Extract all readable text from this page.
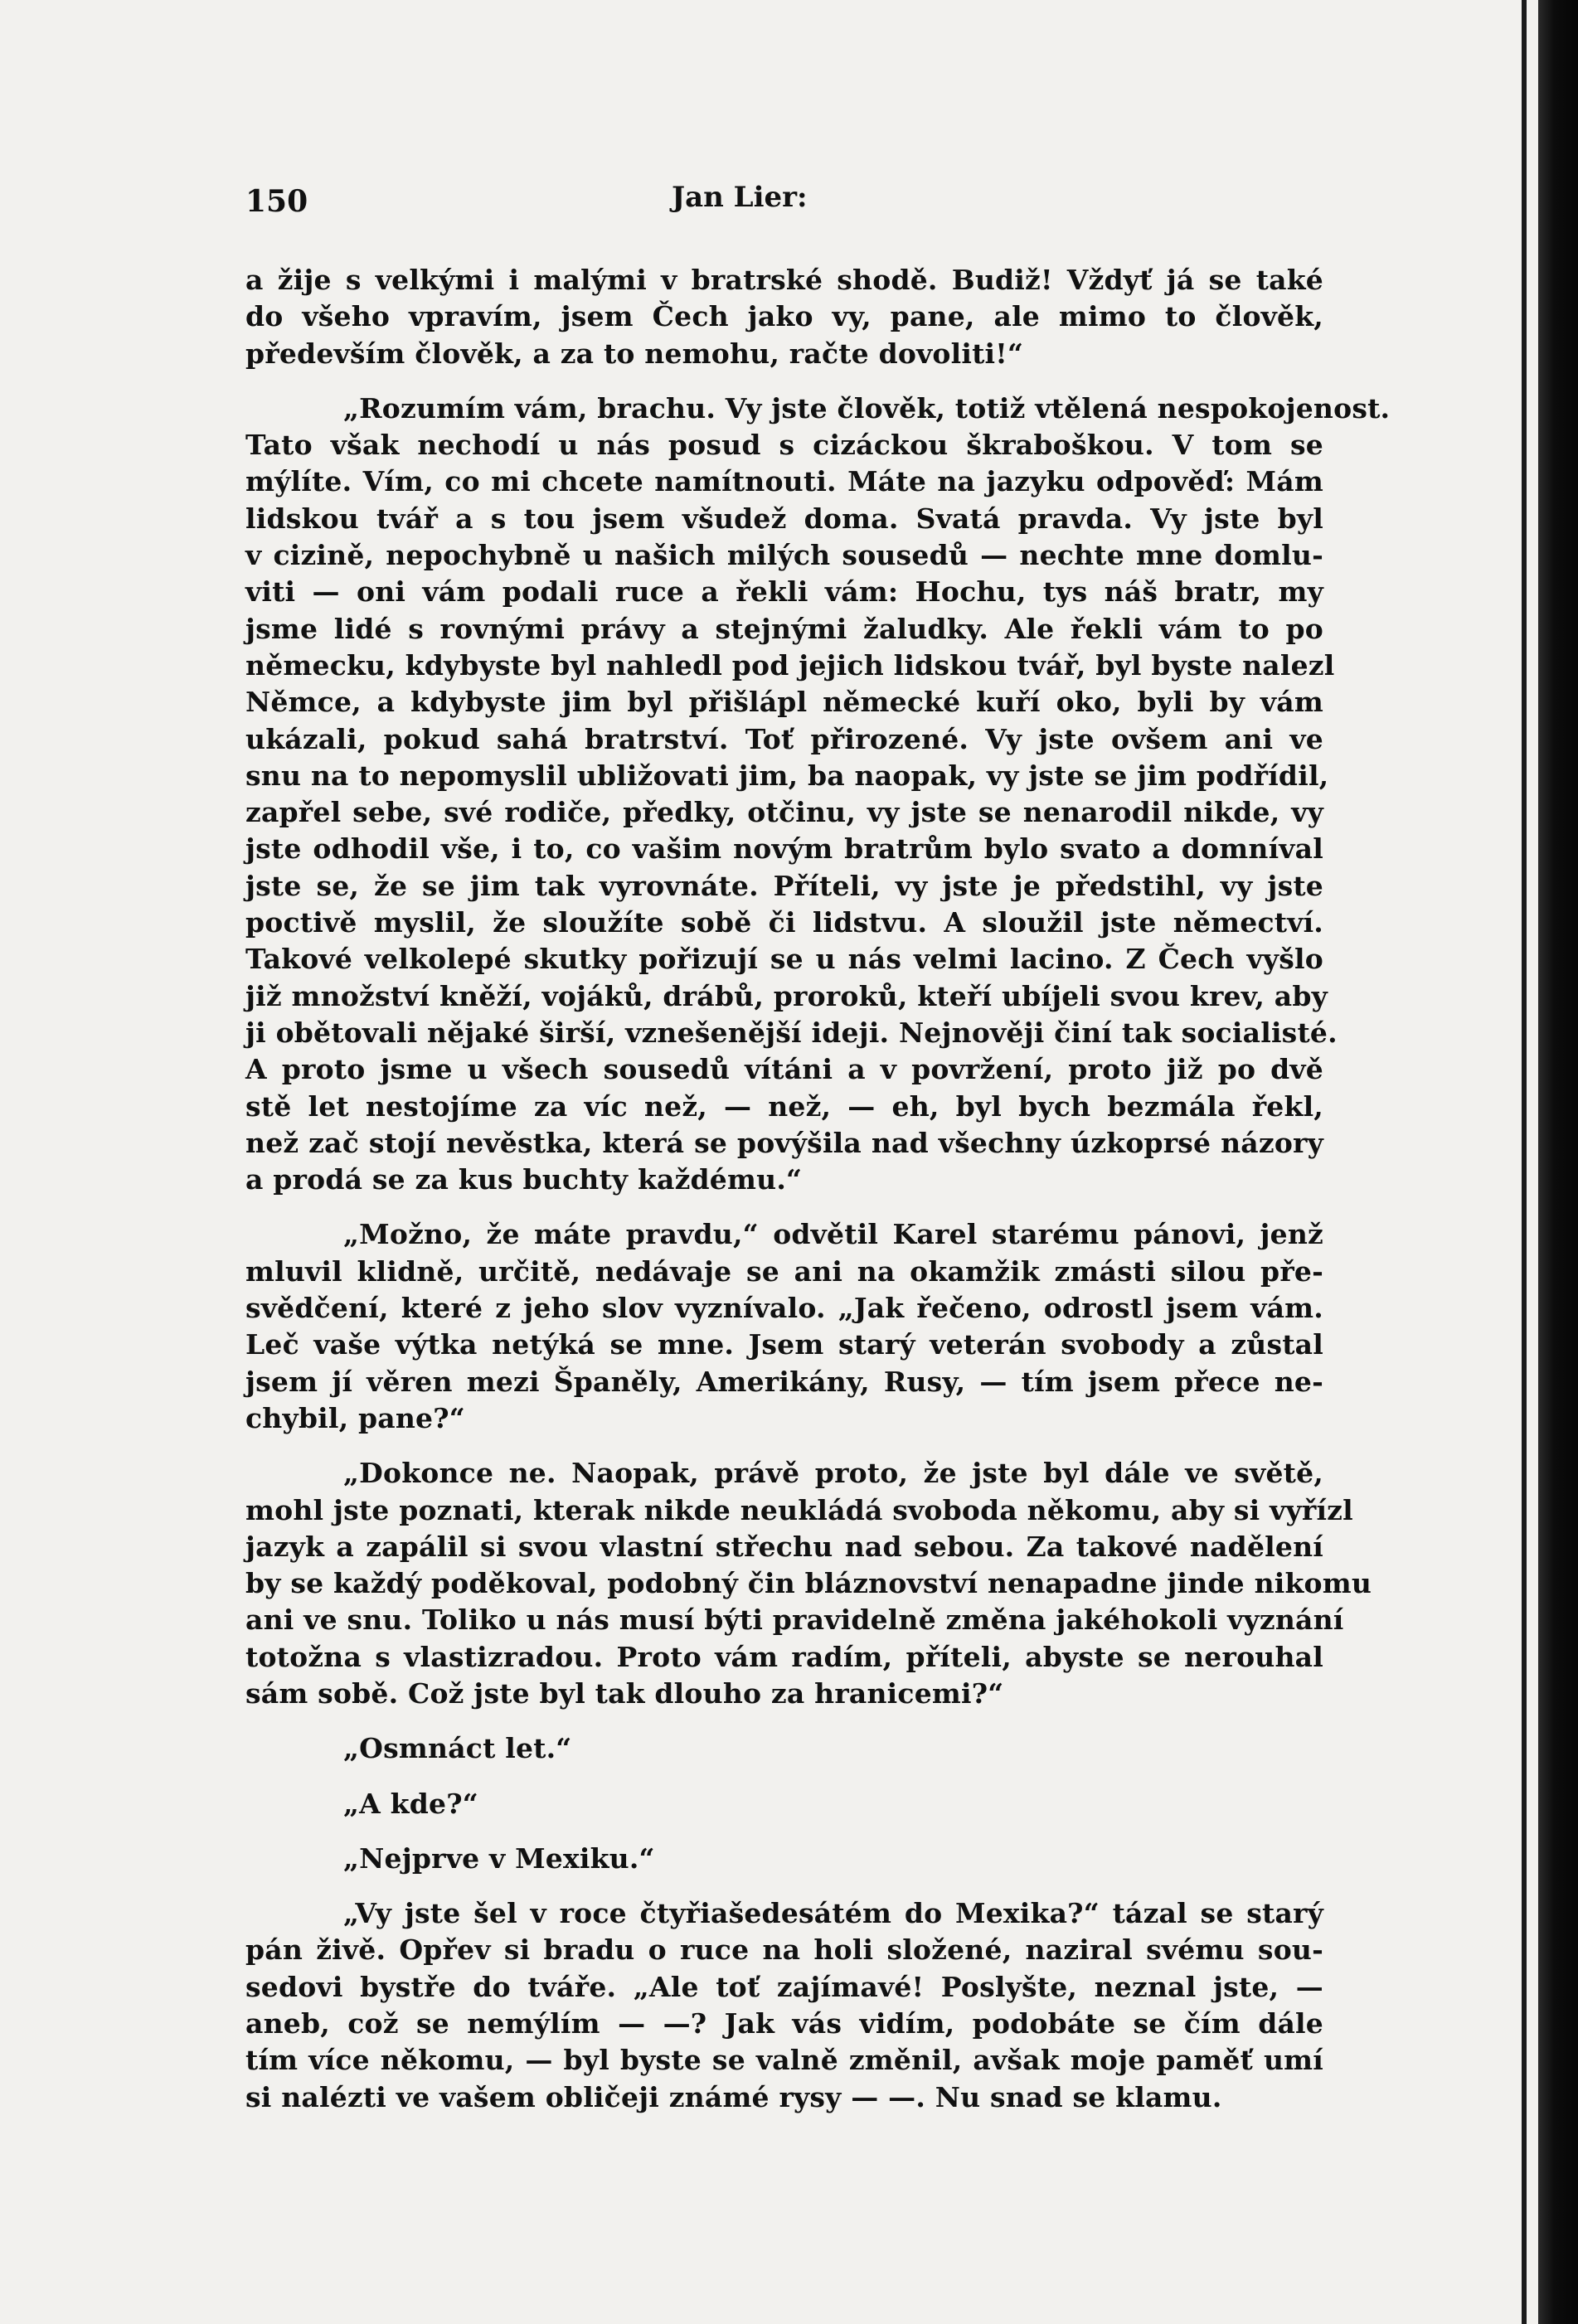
150	Jan Lier:

a žije s velkými i malými v bratrské shodě. Budiž! Vždyť já se také
do všeho vpravím, jsem Čech jako vy, pane, ale mimo to člověk,
především člověk, a za to nemohu, račte dovoliti!“

„Rozumím vám, brachu. Vy jste člověk, totiž vtělená nespokojenost.
Tato však nechodí u nás posud s cizáckou škraboškou. V tom se
mýlíte. Vím, co mi chcete namítnouti. Máte na jazyku odpověď: Mám
lidskou tvář a s tou jsem všudež doma. Svatá pravda. Vy jste byl
v cizině, nepochybně u našich milých sousedů — nechte mne domlu-
viti — oni vám podali ruce a řekli vám: Hochu, tys náš bratr, my
jsme lidé s rovnými právy a stejnými žaludky. Ale řekli vám to po
německu, kdybyste byl nahledl pod jejich lidskou tvář, byl byste nalezl
Němce, a kdybyste jim byl přišlápl německé kuří oko, byli by vám
ukázali, pokud sahá bratrství. Toť přirozené. Vy jste ovšem ani ve
snu na to nepomyslil ubližovati jim, ba naopak, vy jste se jim podřídil,
zapřel sebe, své rodiče, předky, otčinu, vy jste se nenarodil nikde, vy
jste odhodil vše, i to, co vašim novým bratrům bylo svato a domníval
jste se, že se jim tak vyrovnáte. Příteli, vy jste je předstihl, vy jste
poctivě myslil, že sloužíte sobě či lidstvu. A sloužil jste němectví.
Takové velkolepé skutky pořizují se u nás velmi lacino. Z Čech vyšlo
již množství kněží, vojáků, drábů, proroků, kteří ubíjeli svou krev, aby
ji obětovali nějaké širší, vznešenější ideji. Nejnověji činí tak socialisté.
A proto jsme u všech sousedů vítáni a v povržení, proto již po dvě
stě let nestojíme za víc než, — než, — eh, byl bych bezmála řekl,
než zač stojí nevěstka, která se povýšila nad všechny úzkoprsé názory
a prodá se za kus buchty každému.“

„Možno, že máte pravdu,“ odvětil Karel starému pánovi, jenž
mluvil klidně, určitě, nedávaje se ani na okamžik zmásti silou pře-
svědčení, které z jeho slov vyznívalo. „Jak řečeno, odrostl jsem vám.
Leč vaše výtka netýká se mne. Jsem starý veterán svobody a zůstal
jsem jí věren mezi Španěly, Amerikány, Rusy, — tím jsem přece ne-
chybil, pane?“

„Dokonce ne. Naopak, právě proto, že jste byl dále ve světě,
mohl jste poznati, kterak nikde neukládá svoboda někomu, aby si vyřízl
jazyk a zapálil si svou vlastní střechu nad sebou. Za takové nadělení
by se každý poděkoval, podobný čin bláznovství nenapadne jinde nikomu
ani ve snu. Toliko u nás musí býti pravidelně změna jakéhokoli vyznání
totožna s vlastizradou. Proto vám radím, příteli, abyste se nerouhal
sám sobě. Což jste byl tak dlouho za hranicemi?“

„Osmnáct let.“

„A kde?“

„Nejprve v Mexiku.“

„Vy jste šel v roce čtyřiašedesátém do Mexika?“ tázal se starý
pán živě. Opřev si bradu o ruce na holi složené, naziral svému sou-
sedovi bystře do tváře. „Ale toť zajímavé! Poslyšte, neznal jste, —
aneb, což se nemýlím — —? Jak vás vidím, podobáte se čím dále
tím více někomu, — byl byste se valně změnil, avšak moje paměť umí
si nalézti ve vašem obličeji známé rysy — —. Nu snad se klamu.
